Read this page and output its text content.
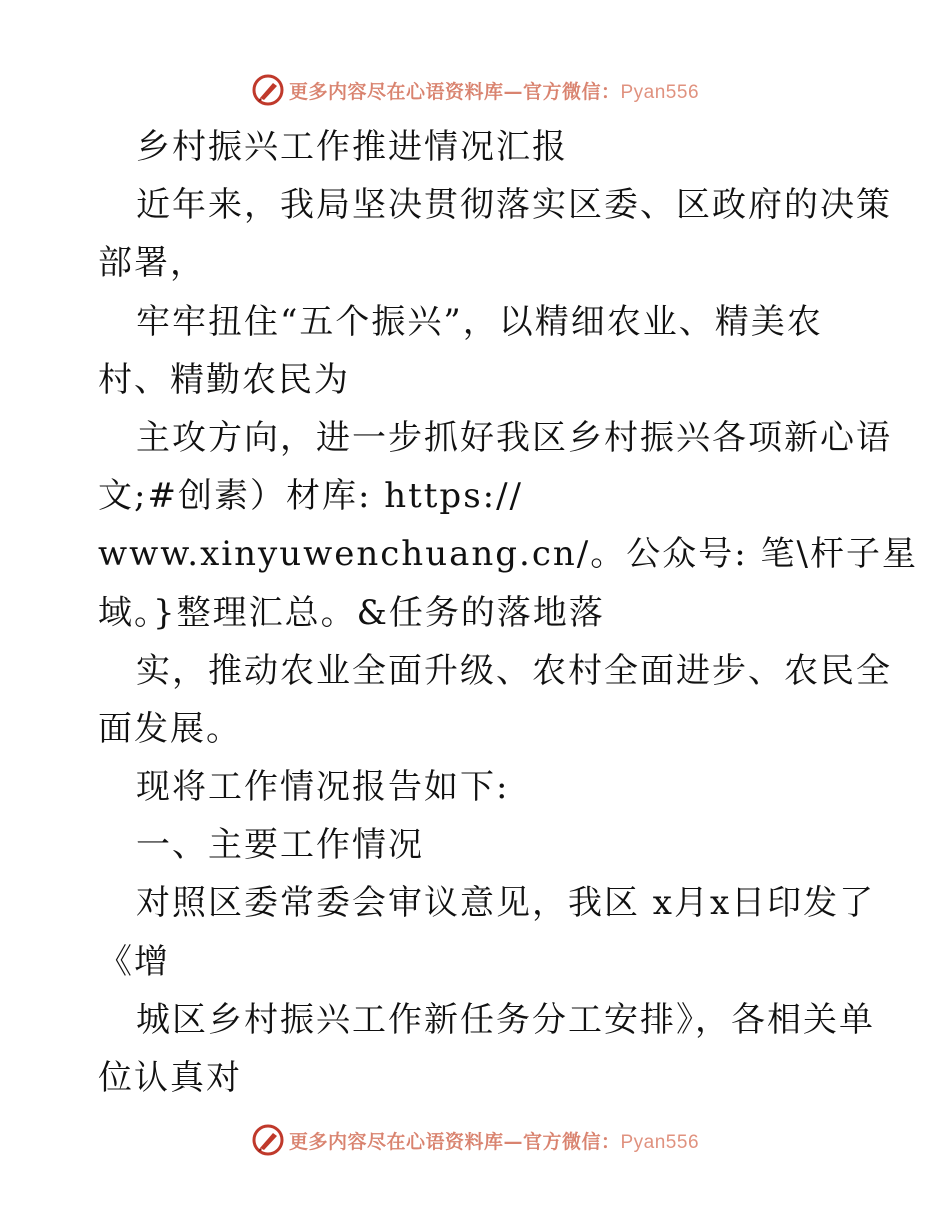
更多内容尽在心语资料库—官方微信：Pyan556
乡村振兴工作推进情况汇报
近年来，我局坚决贯彻落实区委、区政府的决策
部署，
牢牢扭住“五个振兴”，以精细农业、精美农
村、精勤农民为
主攻方向，进一步抓好我区乡村振兴各项新心语
文;#创素）材库: https://
www.xinyuwenchuang.cn/。公众号: 笔\杆子星
域。}整理汇总。&任务的落地落
实，推动农业全面升级、农村全面进步、农民全
面发展。
现将工作情况报告如下:
一、主要工作情况
对照区委常委会审议意见，我区 x月x日印发了
《增
城区乡村振兴工作新任务分工安排》，各相关单
位认真对
更多内容尽在心语资料库—官方微信：Pyan556
